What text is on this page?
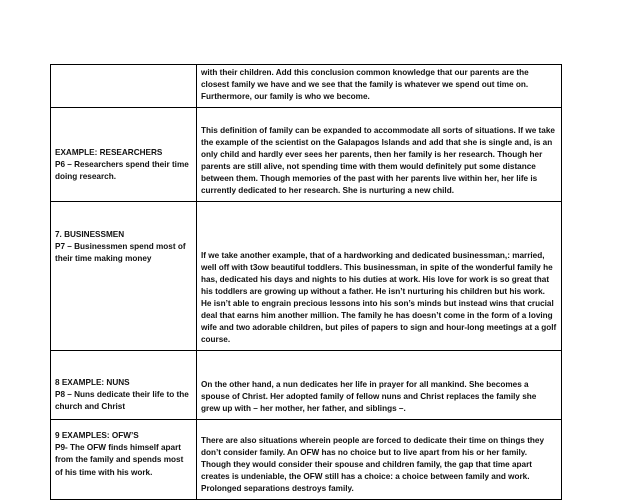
	with their children. Add this conclusion common knowledge that our parents are the closest family we have and we see that the family is whatever we spend out time on. Furthermore, our family is who we become.

EXAMPLE: RESEARCHERS
P6 – Researchers spend their time doing research.	This definition of family can be expanded to accommodate all sorts of situations. If we take the example of the scientist on the Galapagos Islands and add that she is single and, is an only child and hardly ever sees her parents, then her family is her research. Though her parents are still alive, not spending time with them would definitely put some distance between them. Though memories of the past with her parents live within her, her life is currently dedicated to her research. She is nurturing a new child.

7. BUSINESSMEN
P7 – Businessmen spend most of their time making money	If we take another example, that of a hardworking and dedicated businessman,: married, well off with t3ow beautiful toddlers. This businessman, in spite of the wonderful family he has, dedicated his days and nights to his duties at work. His love for work is so great that his toddlers are growing up without a father. He isn’t nurturing his children but his work. He isn’t able to engrain precious lessons into his son’s minds but instead wins that crucial deal that earns him another million. The family he has doesn’t come in the form of a loving wife and two adorable children, but piles of papers to sign and hour-long meetings at a golf course.

8 EXAMPLE: NUNS
P8 – Nuns dedicate their life to the church and Christ	On the other hand, a nun dedicates her life in prayer for all mankind. She becomes a spouse of Christ. Her adopted family of fellow nuns and Christ replaces the family she grew up with – her mother, her father, and siblings –.

9 EXAMPLES: OFW’S
P9- The OFW finds himself apart from the family and spends most of his time with his work.	There are also situations wherein people are forced to dedicate their time on things they don’t consider family. An OFW has no choice but to live apart from his or her family. Though they would consider their spouse and children family, the gap that time apart creates is undeniable, the OFW still has a choice: a choice between family and work. Prolonged separations destroys family.
